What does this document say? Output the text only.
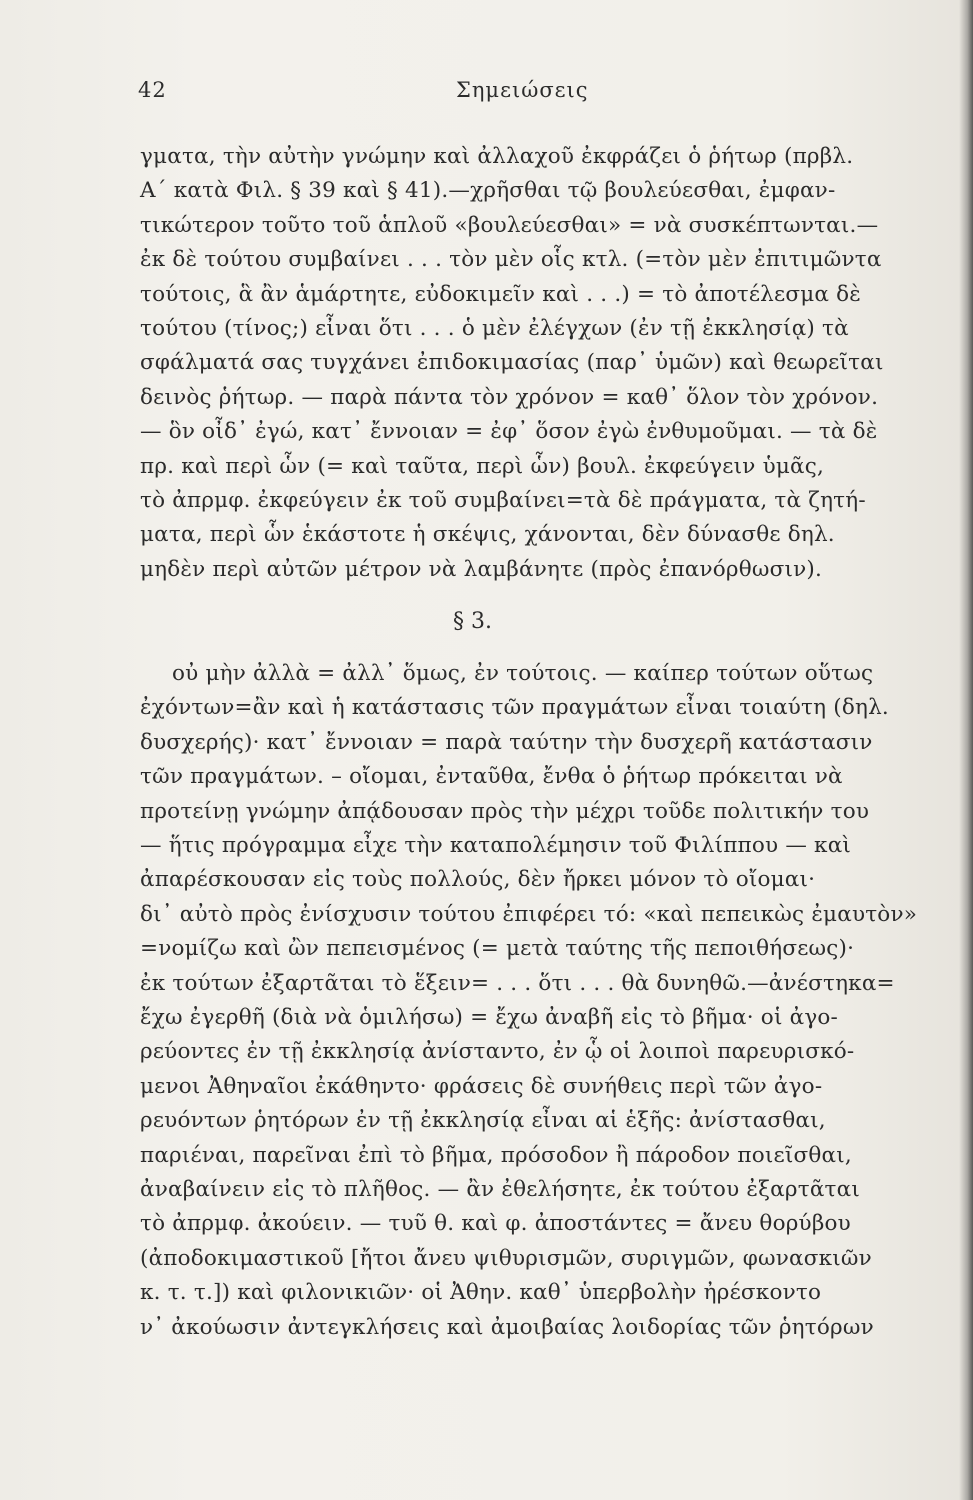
42	Σημειώσεις
γματα, τὴν αὐτὴν γνώμην καὶ ἀλλαχοῦ ἐκφράζει ὁ ῥήτωρ (πρβλ.
Α΄ κατὰ Φιλ. § 39 καὶ § 41).—χρῆσθαι τῷ βουλεύεσθαι, ἐμφαν-
τικώτερον τοῦτο τοῦ ἁπλοῦ «βουλεύεσθαι» = νὰ συσκέπτωνται.—
ἐκ δὲ τούτου συμβαίνει . . . τὸν μὲν οἷς κτλ. (=τὸν μὲν ἐπιτιμῶντα
τούτοις, ἃ ἂν ἁμάρτητε, εὐδοκιμεῖν καὶ . . .) = τὸ ἀποτέλεσμα δὲ
τούτου (τίνος;) εἶναι ὅτι . . . ὁ μὲν ἐλέγχων (ἐν τῇ ἐκκλησίᾳ) τὰ
σφάλματά σας τυγχάνει ἐπιδοκιμασίας (παρ᾽ ὑμῶν) καὶ θεωρεῖται
δεινὸς ῥήτωρ. — παρὰ πάντα τὸν χρόνον = καθ᾽ ὅλον τὸν χρόνον.
— ὃν οἶδ᾽ ἐγώ, κατ᾽ ἔννοιαν = ἐφ᾽ ὅσον ἐγὼ ἐνθυμοῦμαι. — τὰ δὲ
πρ. καὶ περὶ ὧν (= καὶ ταῦτα, περὶ ὧν) βουλ. ἐκφεύγειν ὑμᾶς,
τὸ ἀπρμφ. ἐκφεύγειν ἐκ τοῦ συμβαίνει=τὰ δὲ πράγματα, τὰ ζητή-
ματα, περὶ ὧν ἑκάστοτε ἡ σκέψις, χάνονται, δὲν δύνασθε δηλ.
μηδὲν περὶ αὐτῶν μέτρον νὰ λαμβάνητε (πρὸς ἐπανόρθωσιν).
§ 3.
οὐ μὴν ἀλλὰ = ἀλλ᾽ ὅμως, ἐν τούτοις. — καίπερ τούτων οὕτως
ἐχόντων=ἂν καὶ ἡ κατάστασις τῶν πραγμάτων εἶναι τοιαύτη (δηλ.
δυσχερής)· κατ᾽ ἔννοιαν = παρὰ ταύτην τὴν δυσχερῆ κατάστασιν
τῶν πραγμάτων. – οἴομαι, ἐνταῦθα, ἔνθα ὁ ῥήτωρ πρόκειται νὰ
προτείνῃ γνώμην ἀπᾴδουσαν πρὸς τὴν μέχρι τοῦδε πολιτικήν του
— ἥτις πρόγραμμα εἶχε τὴν καταπολέμησιν τοῦ Φιλίππου — καὶ
ἀπαρέσκουσαν εἰς τοὺς πολλούς, δὲν ἤρκει μόνον τὸ οἴομαι·
δι᾽ αὐτὸ πρὸς ἐνίσχυσιν τούτου ἐπιφέρει τό: «καὶ πεπεικὼς ἐμαυτὸν»
=νομίζω καὶ ὢν πεπεισμένος (= μετὰ ταύτης τῆς πεποιθήσεως)·
ἐκ τούτων ἐξαρτᾶται τὸ ἕξειν= . . . ὅτι . . . θὰ δυνηθῶ.—ἀνέστηκα=
ἔχω ἐγερθῆ (διὰ νὰ ὁμιλήσω) = ἔχω ἀναβῆ εἰς τὸ βῆμα· οἱ ἀγο-
ρεύοντες ἐν τῇ ἐκκλησίᾳ ἀνίσταντο, ἐν ᾧ οἱ λοιποὶ παρευρισκό-
μενοι Ἀθηναῖοι ἐκάθηντο· φράσεις δὲ συνήθεις περὶ τῶν ἀγο-
ρευόντων ῥητόρων ἐν τῇ ἐκκλησίᾳ εἶναι αἱ ἑξῆς: ἀνίστασθαι,
παριέναι, παρεῖναι ἐπὶ τὸ βῆμα, πρόσοδον ἢ πάροδον ποιεῖσθαι,
ἀναβαίνειν εἰς τὸ πλῆθος. — ἂν ἐθελήσητε, ἐκ τούτου ἐξαρτᾶται
τὸ ἀπρμφ. ἀκούειν. — τυῦ θ. καὶ φ. ἀποστάντες = ἄνευ θορύβου
(ἀποδοκιμαστικοῦ [ἤτοι ἄνευ ψιθυρισμῶν, συριγμῶν, φωνασκιῶν
κ. τ. τ.]) καὶ φιλονικιῶν· οἱ Ἀθην. καθ᾽ ὑπερβολὴν ἠρέσκοντο
ν᾽ ἀκούωσιν ἀντεγκλήσεις καὶ ἀμοιβαίας λοιδορίας τῶν ῥητόρων
